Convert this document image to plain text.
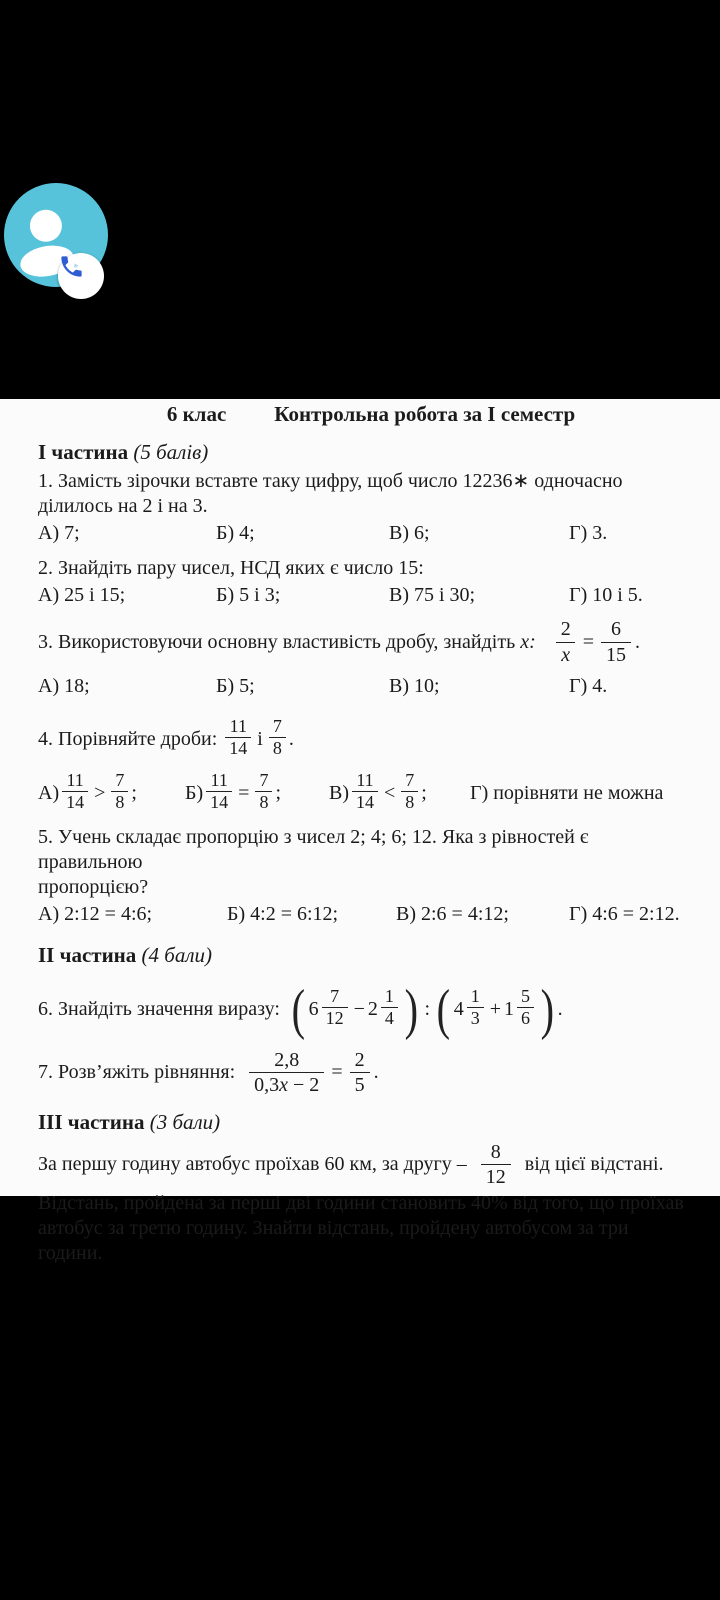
6 клас Контрольна робота за І семестр
І частина (5 балів)
1. Замість зірочки вставте таку цифру, щоб число 12236∗ одночасно
ділилось на 2 і на 3.
А) 7;	Б) 4;	В) 6;	Г) 3.
2. Знайдіть пару чисел, НСД яких є число 15:
А) 25 і 15;	Б) 5 і 3;	В) 75 і 30;	Г) 10 і 5.
3. Використовуючи основну властивість дробу, знайдіть x: $\frac{2}{x} = \frac{6}{15}$ .
А) 18;	Б) 5;	В) 10;	Г) 4.
4. Порівняйте дроби: $\frac{11}{14}$ і $\frac{7}{8}$ .
$А) \frac{11}{14} > \frac{7}{8}$ ; $Б) \frac{11}{14} = \frac{7}{8}$ ; $В) \frac{11}{14} < \frac{7}{8}$ ; Г) порівняти не можна
5. Учень складає пропорцію з чисел 2; 4; 6; 12. Яка з рівностей є правильною
пропорцією?
А) 2:12 = 4:6;	Б) 4:2 = 6:12;	В) 2:6 = 4:12;	Г) 4:6 = 2:12.
ІІ частина (4 бали)
6. Знайдіть значення виразу: ( $6 \frac{7}{12} - 2 \frac{1}{4}$ ) : ( $4 \frac{1}{3} + 1 \frac{5}{6}$ ) .
7. Розв’яжіть рівняння: $\frac{2,8}{0,3x - 2} = \frac{2}{5}$ .
ІІІ частина (3 бали)
За першу годину автобус проїхав 60 км, за другу – $\frac{8}{12}$ від цієї відстані.
Відстань, пройдена за перші дві години становить 40% від того, що проїхав автобус за третю годину. Знайти відстань, пройдену автобусом за три години.
